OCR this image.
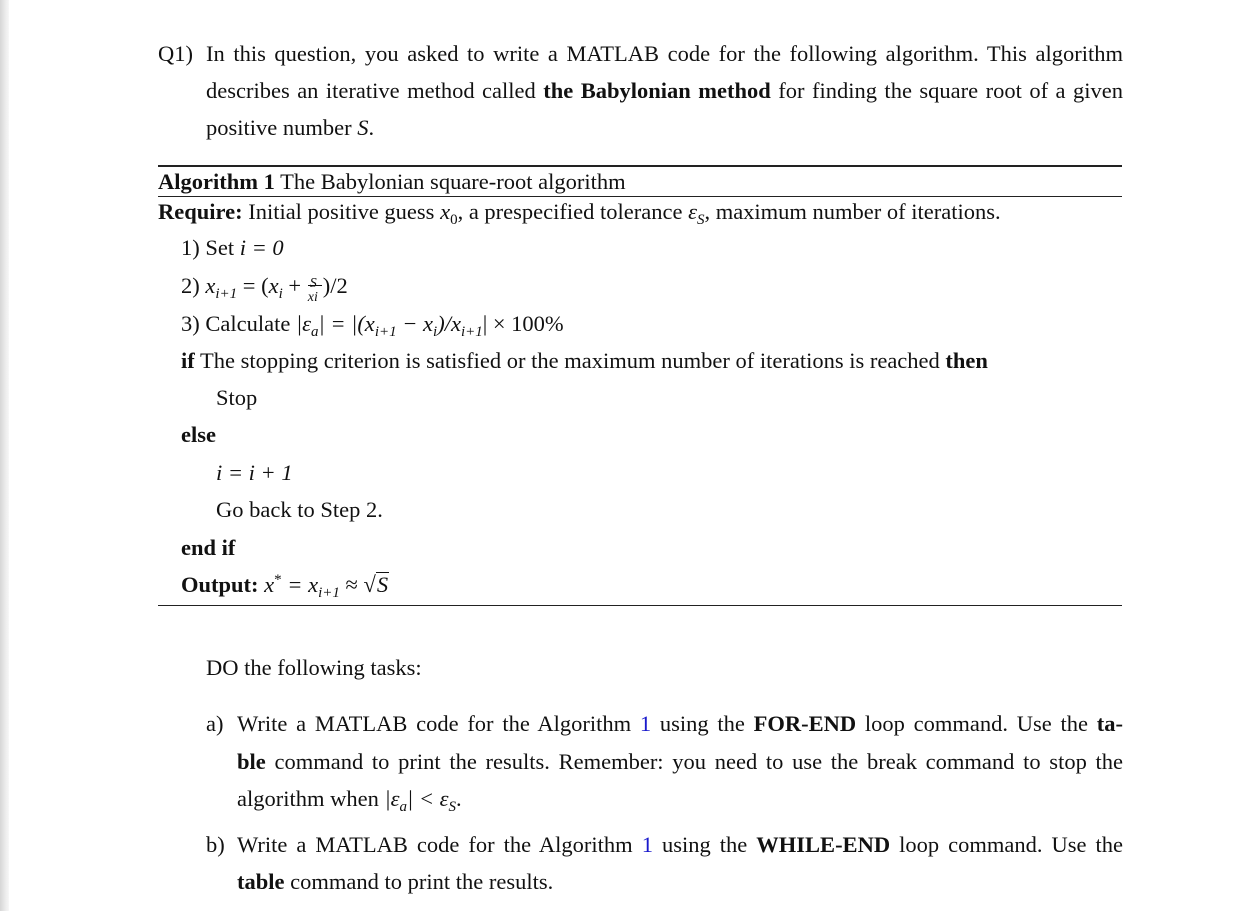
Q1) In this question, you asked to write a MATLAB code for the following algorithm. This algorithm
describes an iterative method called the Babylonian method for finding the square root of a given
positive number S.
Algorithm 1 The Babylonian square-root algorithm
Require: Initial positive guess $x_0$, a prespecified tolerance $\varepsilon_S$, maximum number of iterations.
1) Set i = 0
2) $x_{i+1} = (x_i + S$
xi )/2
3) Calculate $|\varepsilon_a| = |(x_{i+1} - x_i)/x_{i+1}| \times 100\%$
if The stopping criterion is satisfied or the maximum number of iterations is reached then
Stop
else
i = i + 1
Go back to Step 2.
end if
Output: $x^* = x_{i+1} \approx √S$
DO the following tasks:
a) Write a MATLAB code for the Algorithm 1 using the FOR-END loop command. Use the ta-
ble command to print the results. Remember: you need to use the break command to stop the
algorithm when $|\varepsilon_a| < \varepsilon_S$.
b) Write a MATLAB code for the Algorithm 1 using the WHILE-END loop command. Use the
table command to print the results.
